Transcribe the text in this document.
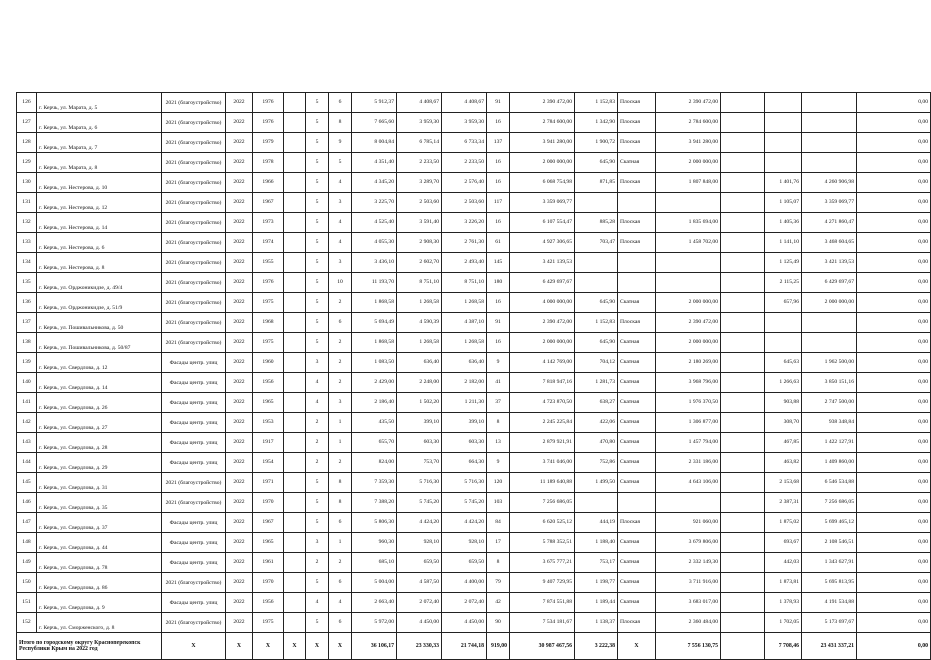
126	г. Керчь, ул. Марата, д. 5	2021 (благоустройство)	2022	1976		5	6	5 912,37	4 408,67	4 408,67	91	2 390 472,00	1 152,83	Плоская	2 390 472,00				0,00
127	г. Керчь, ул. Марата, д. 6	2021 (благоустройство)	2022	1976		5	8	7 665,60	3 959,30	3 959,30	16	2 784 600,00	1 342,90	Плоская	2 784 600,00				0,00
128	г. Керчь, ул. Марата, д. 7	2021 (благоустройство)	2022	1979		5	9	8 004,84	6 785,14	6 733,34	137	3 941 280,00	1 900,72	Плоская	3 941 280,00				0,00
129	г. Керчь, ул. Марата, д. 8	2021 (благоустройство)	2022	1978		5	5	4 351,40	2 233,50	2 233,50	16	2 000 000,00	645,90	Скатная	2 000 000,00				0,00
130	г. Керчь, ул. Нестерова, д. 10	2021 (благоустройство)	2022	1966		5	4	4 345,20	3 289,70	2 576,40	16	6 068 754,98	871,85	Плоская	1 807 848,00		1 401,76	4 260 906,98	0,00
131	г. Керчь, ул. Нестерова, д. 12	2021 (благоустройство)	2022	1967		5	3	3 225,70	2 503,60	2 503,60	117	3 359 069,77					1 105,07	3 359 069,77	0,00
132	г. Керчь, ул. Нестерова, д. 14	2021 (благоустройство)	2022	1973		5	4	4 525,40	3 591,40	3 226,20	16	6 107 554,47	885,28	Плоская	1 835 694,00		1 405,36	4 271 860,47	0,00
133	г. Керчь, ул. Нестерова, д. 6	2021 (благоустройство)	2022	1974		5	4	4 055,30	2 908,30	2 761,30	61	4 927 306,65	703,47	Плоская	1 458 702,00		1 141,10	3 468 604,65	0,00
134	г. Керчь, ул. Нестерова, д. 8	2021 (благоустройство)	2022	1955		5	3	3 436,10	2 602,70	2 493,40	145	3 421 139,53					1 125,49	3 421 139,53	0,00
135	г. Керчь, ул. Орджоникидзе, д. 49/4	2021 (благоустройство)	2022	1976		5	10	11 193,70	8 751,10	8 751,10	180	6 429 697,67					2 115,25	6 429 697,67	0,00
136	г. Керчь, ул. Орджоникидзе, д. 51/9	2021 (благоустройство)	2022	1975		5	2	1 868,58	1 268,58	1 268,58	16	4 000 000,00	645,90	Скатная	2 000 000,00		657,96	2 000 000,00	0,00
137	г. Керчь, ул. Пошивальникова, д. 50	2021 (благоустройство)	2022	1968		5	6	5 694,49	4 590,39	4 387,10	91	2 390 472,00	1 152,83	Плоская	2 390 472,00				0,00
138	г. Керчь, ул. Пошивальникова, д. 50/87	2021 (благоустройство)	2022	1975		5	2	1 868,58	1 268,58	1 268,58	16	2 000 000,00	645,90	Скатная	2 000 000,00				0,00
139	г. Керчь, ул. Свердлова, д. 12	Фасады центр. улиц	2022	1960		3	2	1 083,50	636,40	636,40	9	4 142 769,00	704,12	Скатная	2 180 269,00		645,63	1 962 500,00	0,00
140	г. Керчь, ул. Свердлова, д. 14	Фасады центр. улиц	2022	1956		4	2	2 429,00	2 248,00	2 182,00	41	7 818 947,16	1 281,73	Скатная	3 968 796,00		1 266,63	3 850 151,16	0,00
141	г. Керчь, ул. Свердлова, д. 26	Фасады центр. улиц	2022	1965		4	3	2 186,40	1 502,20	1 211,30	37	4 723 870,50	638,27	Скатная	1 976 370,50		903,88	2 747 500,00	0,00
142	г. Керчь, ул. Свердлова, д. 27	Фасады центр. улиц	2022	1953		2	1	435,50	399,10	399,10	8	2 245 225,84	422,06	Скатная	1 306 877,00		308,70	938 348,84	0,00
143	г. Керчь, ул. Свердлова, д. 28	Фасады центр. улиц	2022	1917		2	1	655,70	603,30	603,30	13	2 879 921,91	470,80	Скатная	1 457 794,00		467,85	1 422 127,91	0,00
144	г. Керчь, ул. Свердлова, д. 29	Фасады центр. улиц	2022	1954		2	2	824,00	753,70	664,30	9	3 741 046,00	752,86	Скатная	2 331 186,00		463,82	1 409 860,00	0,00
145	г. Керчь, ул. Свердлова, д. 31	2021 (благоустройство)	2022	1971		5	8	7 359,30	5 716,30	5 716,30	120	11 189 640,88	1 499,50	Скатная	4 643 106,00		2 153,68	6 546 534,88	0,00
146	г. Керчь, ул. Свердлова, д. 35	2021 (благоустройство)	2022	1970		5	8	7 388,20	5 745,20	5 745,20	103	7 256 686,05					2 387,31	7 256 686,05	0,00
147	г. Керчь, ул. Свердлова, д. 37	Фасады центр. улиц	2022	1967		5	6	5 806,30	4 424,20	4 424,20	84	6 620 525,12	444,19	Плоская	921 060,00		1 875,02	5 699 465,12	0,00
148	г. Керчь, ул. Свердлова, д. 44	Фасады центр. улиц	2022	1965		3	1	960,30	928,10	928,10	17	5 788 352,51	1 188,40	Скатная	3 679 806,00		693,67	2 108 546,51	0,00
149	г. Керчь, ул. Свердлова, д. 78	Фасады центр. улиц	2022	1961		2	2	685,10	659,50	659,50	8	3 675 777,21	753,17	Скатная	2 332 149,30		442,03	1 343 627,91	0,00
150	г. Керчь, ул. Свердлова, д. 86	2021 (благоустройство)	2022	1970		5	6	5 004,00	4 587,50	4 400,00	79	9 407 729,95	1 198,77	Скатная	3 711 916,00		1 873,81	5 695 813,95	0,00
151	г. Керчь, ул. Свердлова, д. 9	Фасады центр. улиц	2022	1956		4	4	2 663,40	2 072,40	2 072,40	42	7 874 551,88	1 189,44	Скатная	3 683 017,00		1 378,93	4 191 534,88	0,00
152	г. Керчь, ул. Сморженского, д. 8	2021 (благоустройство)	2022	1975		5	6	5 972,00	4 450,00	4 450,00	90	7 534 181,67	1 138,37	Плоская	2 360 484,00		1 702,05	5 173 697,67	0,00
Итого по городскому округу Красноперекопск Республики Крым на 2022 год		X	X	X	X	X	X	36 106,17	23 330,33	21 744,18	919,00	30 987 467,56	3 222,38	X	7 556 130,75		7 708,46	23 431 337,21	0,00
